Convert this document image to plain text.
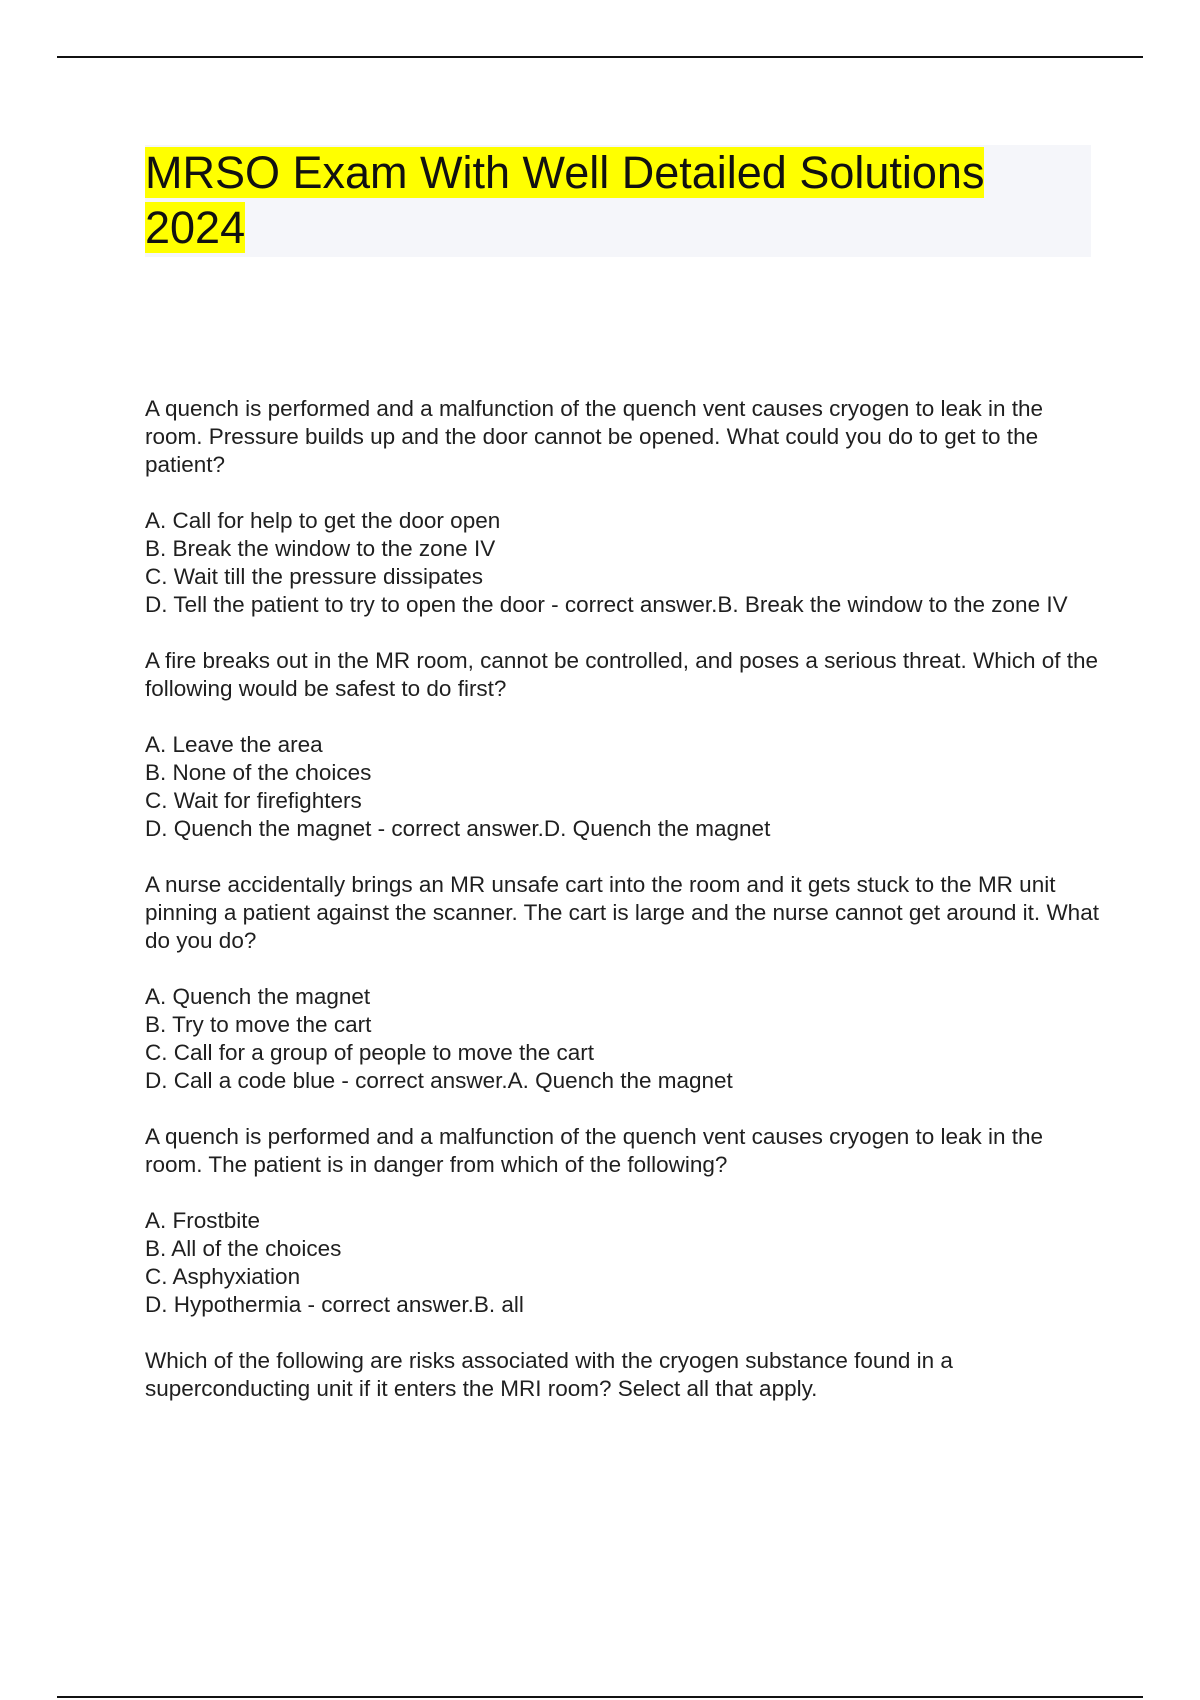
MRSO Exam With Well Detailed Solutions 2024

A quench is performed and a malfunction of the quench vent causes cryogen to leak in the room. Pressure builds up and the door cannot be opened. What could you do to get to the patient?

A. Call for help to get the door open
B. Break the window to the zone IV
C. Wait till the pressure dissipates
D. Tell the patient to try to open the door - correct answer.B. Break the window to the zone IV

A fire breaks out in the MR room, cannot be controlled, and poses a serious threat. Which of the following would be safest to do first?

A. Leave the area
B. None of the choices
C. Wait for firefighters
D. Quench the magnet - correct answer.D. Quench the magnet

A nurse accidentally brings an MR unsafe cart into the room and it gets stuck to the MR unit pinning a patient against the scanner. The cart is large and the nurse cannot get around it. What do you do?

A. Quench the magnet
B. Try to move the cart
C. Call for a group of people to move the cart
D. Call a code blue - correct answer.A. Quench the magnet

A quench is performed and a malfunction of the quench vent causes cryogen to leak in the room. The patient is in danger from which of the following?

A. Frostbite
B. All of the choices
C. Asphyxiation
D. Hypothermia - correct answer.B. all

Which of the following are risks associated with the cryogen substance found in a superconducting unit if it enters the MRI room? Select all that apply.
